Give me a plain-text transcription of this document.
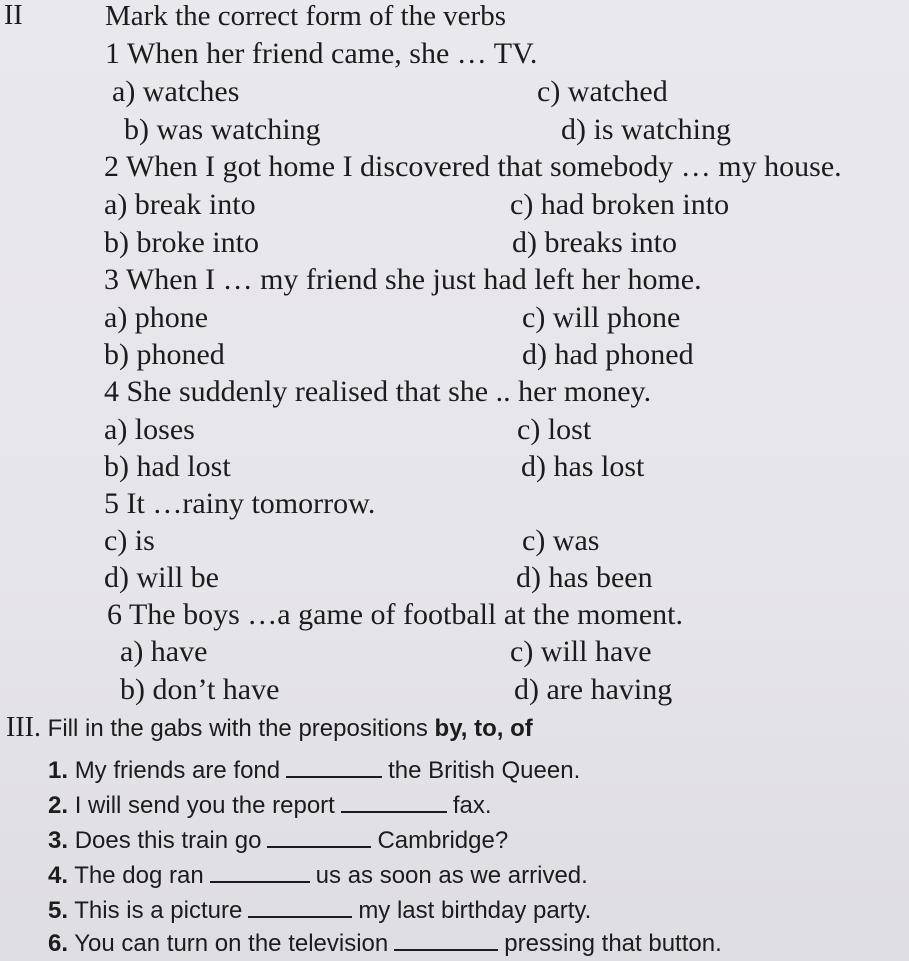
II	Mark the correct form of the verbs
1 When her friend came, she … TV.
a) watches	c) watched
b) was watching	d) is watching
2 When I got home I discovered that somebody … my house.
a) break into	c) had broken into
b) broke into	d) breaks into
3 When I … my friend she just had left her home.
a) phone	c) will phone
b) phoned	d) had phoned
4 She suddenly realised that she .. her money.
a) loses	c) lost
b) had lost	d) has lost
5 It …rainy tomorrow.
c) is	c) was
d) will be	d) has been
6 The boys …a game of football at the moment.
a) have	c) will have
b) don’t have	d) are having
III. Fill in the gabs with the prepositions by, to, of
1. My friends are fond	the British Queen.
2. I will send you the report	fax.
3. Does this train go	Cambridge?
4. The dog ran	us as soon as we arrived.
5. This is a picture	my last birthday party.
6. You can turn on the television	pressing that button.
